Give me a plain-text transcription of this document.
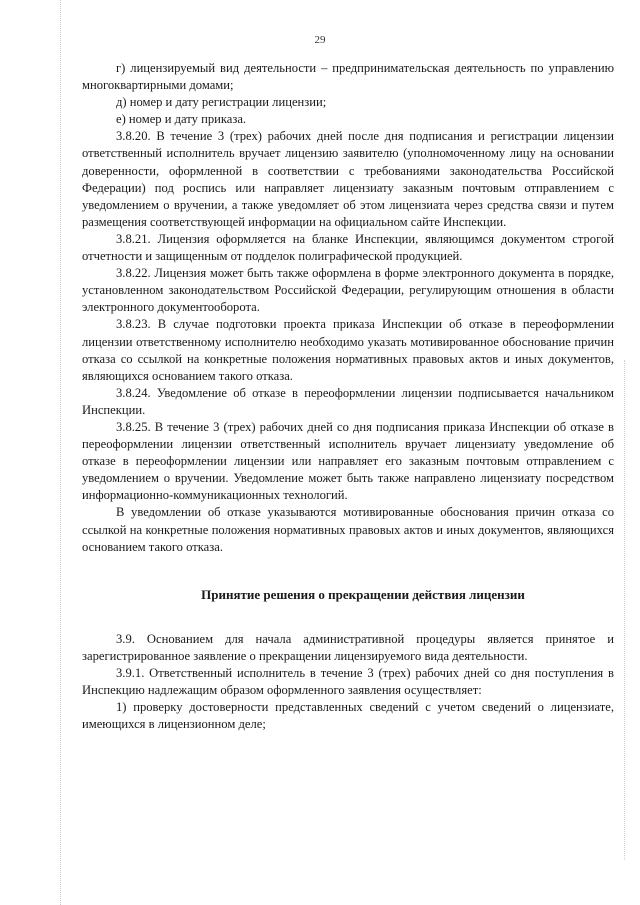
29

г) лицензируемый вид деятельности – предпринимательская деятельность по управлению многоквартирными домами;

д) номер и дату регистрации лицензии;

е) номер и дату приказа.

3.8.20. В течение 3 (трех) рабочих дней после дня подписания и регистрации лицензии ответственный исполнитель вручает лицензию заявителю (уполномоченному лицу на основании доверенности, оформленной в соответствии с требованиями законодательства Российской Федерации) под роспись или направляет лицензиату заказным почтовым отправлением с уведомлением о вручении, а также уведомляет об этом лицензиата через средства связи и путем размещения соответствующей информации на официальном сайте Инспекции.

3.8.21. Лицензия оформляется на бланке Инспекции, являющимся документом строгой отчетности и защищенным от подделок полиграфической продукцией.

3.8.22. Лицензия может быть также оформлена в форме электронного документа в порядке, установленном законодательством Российской Федерации, регулирующим отношения в области электронного документооборота.

3.8.23. В случае подготовки проекта приказа Инспекции об отказе в переоформлении лицензии ответственному исполнителю необходимо указать мотивированное обоснование причин отказа со ссылкой на конкретные положения нормативных правовых актов и иных документов, являющихся основанием такого отказа.

3.8.24. Уведомление об отказе в переоформлении лицензии подписывается начальником Инспекции.

3.8.25. В течение 3 (трех) рабочих дней со дня подписания приказа Инспекции об отказе в переоформлении лицензии ответственный исполнитель вручает лицензиату уведомление об отказе в переоформлении лицензии или направляет его заказным почтовым отправлением с уведомлением о вручении. Уведомление может быть также направлено лицензиату посредством информационно-коммуникационных технологий.

В уведомлении об отказе указываются мотивированные обоснования причин отказа со ссылкой на конкретные положения нормативных правовых актов и иных документов, являющихся основанием такого отказа.

Принятие решения о прекращении действия лицензии

3.9. Основанием для начала административной процедуры является принятое и зарегистрированное заявление о прекращении лицензируемого вида деятельности.

3.9.1. Ответственный исполнитель в течение 3 (трех) рабочих дней со дня поступления в Инспекцию надлежащим образом оформленного заявления осуществляет:

1) проверку достоверности представленных сведений с учетом сведений о лицензиате, имеющихся в лицензионном деле;
